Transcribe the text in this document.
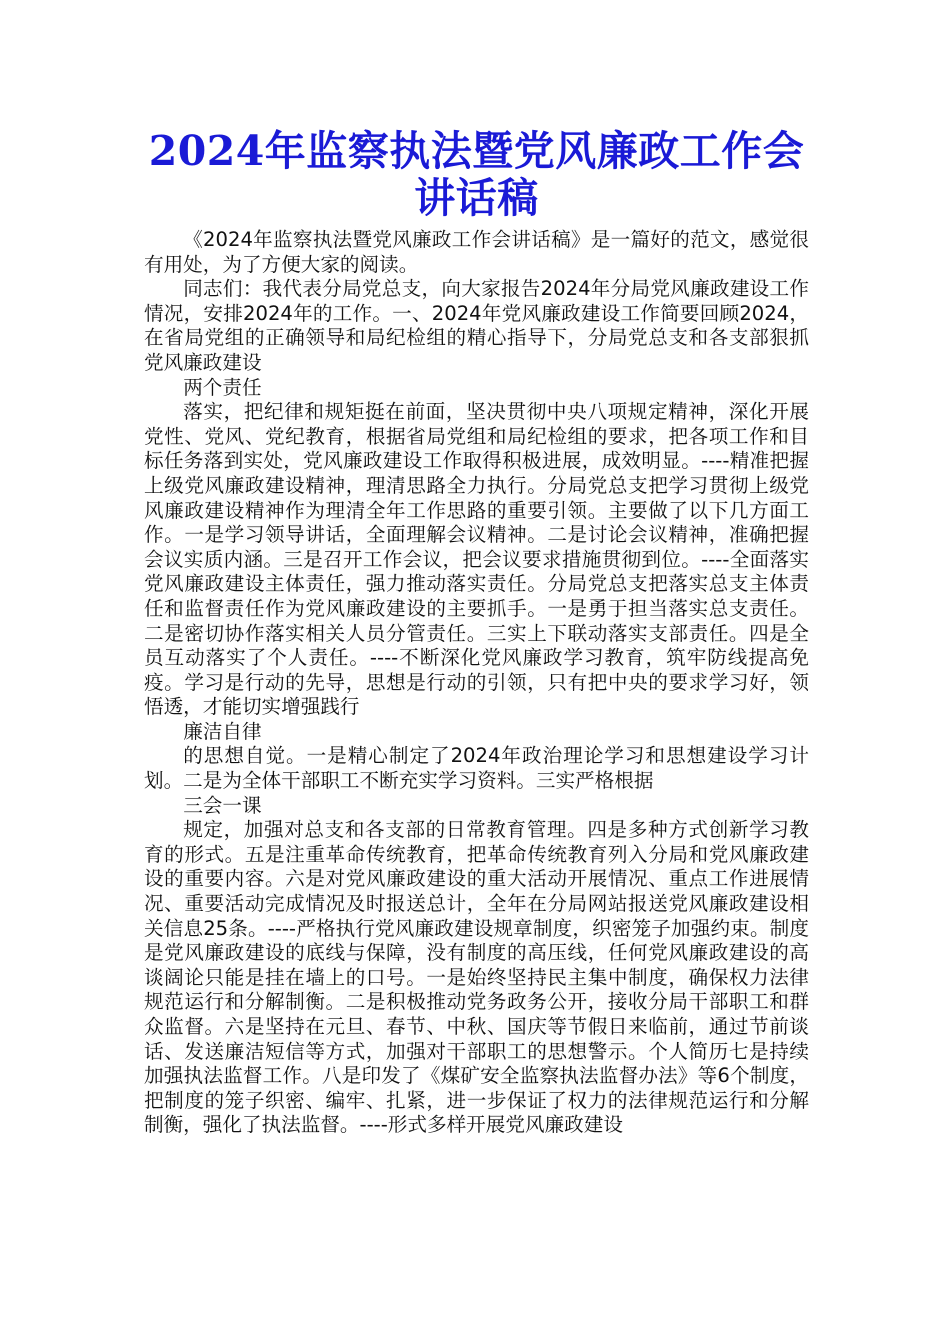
2024年监察执法暨党风廉政工作会讲话稿

《2024年监察执法暨党风廉政工作会讲话稿》是一篇好的范文，感觉很有用处，为了方便大家的阅读。

同志们：我代表分局党总支，向大家报告2024年分局党风廉政建设工作情况，安排2024年的工作。一、2024年党风廉政建设工作简要回顾2024，在省局党组的正确领导和局纪检组的精心指导下，分局党总支和各支部狠抓党风廉政建设

两个责任

落实，把纪律和规矩挺在前面，坚决贯彻中央八项规定精神，深化开展党性、党风、党纪教育，根据省局党组和局纪检组的要求，把各项工作和目标任务落到实处，党风廉政建设工作取得积极进展，成效明显。----精准把握上级党风廉政建设精神，理清思路全力执行。分局党总支把学习贯彻上级党风廉政建设精神作为理清全年工作思路的重要引领。主要做了以下几方面工作。一是学习领导讲话，全面理解会议精神。二是讨论会议精神，准确把握会议实质内涵。三是召开工作会议，把会议要求措施贯彻到位。----全面落实党风廉政建设主体责任，强力推动落实责任。分局党总支把落实总支主体责任和监督责任作为党风廉政建设的主要抓手。一是勇于担当落实总支责任。二是密切协作落实相关人员分管责任。三实上下联动落实支部责任。四是全员互动落实了个人责任。----不断深化党风廉政学习教育，筑牢防线提高免疫。学习是行动的先导，思想是行动的引领，只有把中央的要求学习好，领悟透，才能切实增强践行

廉洁自律

的思想自觉。一是精心制定了2024年政治理论学习和思想建设学习计划。二是为全体干部职工不断充实学习资料。三实严格根据

三会一课

规定，加强对总支和各支部的日常教育管理。四是多种方式创新学习教育的形式。五是注重革命传统教育，把革命传统教育列入分局和党风廉政建设的重要内容。六是对党风廉政建设的重大活动开展情况、重点工作进展情况、重要活动完成情况及时报送总计，全年在分局网站报送党风廉政建设相关信息25条。----严格执行党风廉政建设规章制度，织密笼子加强约束。制度是党风廉政建设的底线与保障，没有制度的高压线，任何党风廉政建设的高谈阔论只能是挂在墙上的口号。一是始终坚持民主集中制度，确保权力法律规范运行和分解制衡。二是积极推动党务政务公开，接收分局干部职工和群众监督。六是坚持在元旦、春节、中秋、国庆等节假日来临前，通过节前谈话、发送廉洁短信等方式，加强对干部职工的思想警示。个人简历七是持续加强执法监督工作。八是印发了《煤矿安全监察执法监督办法》等6个制度，把制度的笼子织密、编牢、扎紧，进一步保证了权力的法律规范运行和分解制衡，强化了执法监督。----形式多样开展党风廉政建设
